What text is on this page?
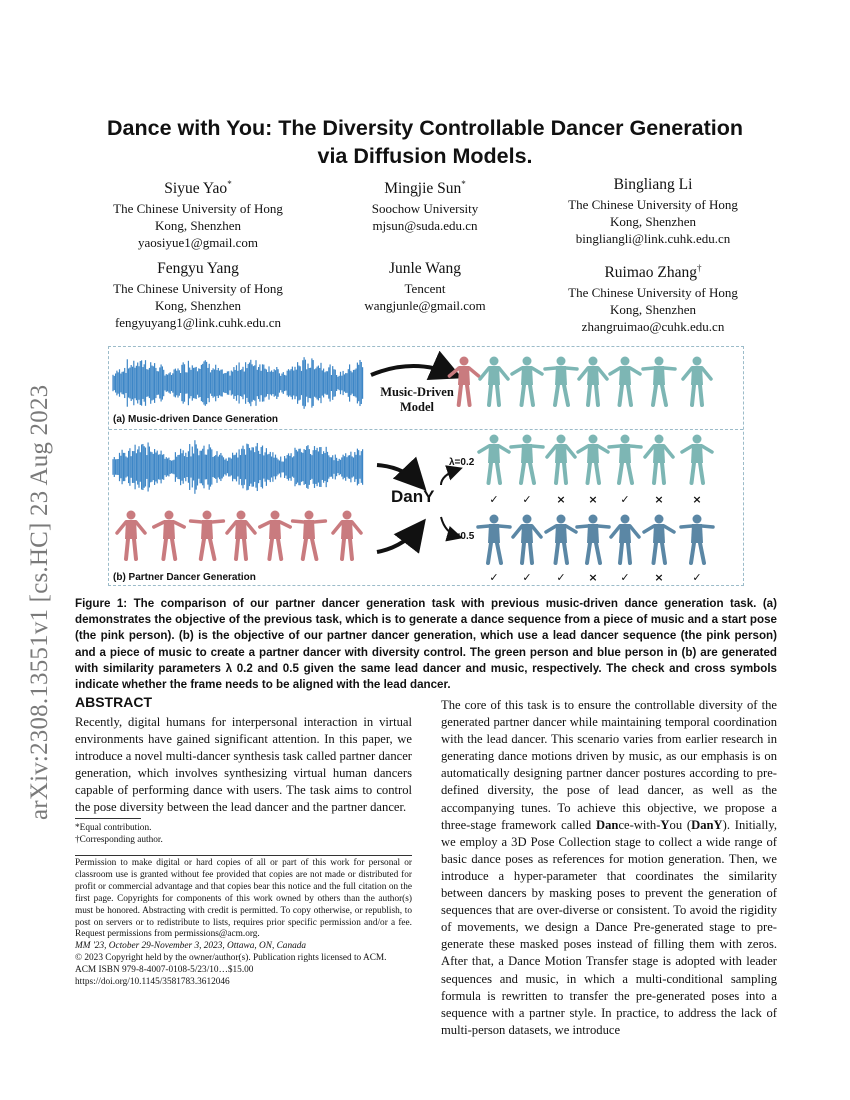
arXiv:2308.13551v1 [cs.HC] 23 Aug 2023
Dance with You: The Diversity Controllable Dancer Generation
via Diffusion Models.
Siyue Yao*
The Chinese University of Hong
Kong, Shenzhen
yaosiyue1@gmail.com
Mingjie Sun*
Soochow University
mjsun@suda.edu.cn
Bingliang Li
The Chinese University of Hong
Kong, Shenzhen
bingliangli@link.cuhk.edu.cn
Fengyu Yang
The Chinese University of Hong
Kong, Shenzhen
fengyuyang1@link.cuhk.edu.cn
Junle Wang
Tencent
wangjunle@gmail.com
Ruimao Zhang†
The Chinese University of Hong
Kong, Shenzhen
zhangruimao@cuhk.edu.cn
Music-Driven
Model
(a) Music-driven Dance Generation
(b) Partner Dancer Generation
DanY
λ=0.2
λ=0.5
✓ ✓ × × ✓ ×	×
✓ ✓ ✓ × ✓ ×	✓
Figure 1: The comparison of our partner dancer generation task with previous music-driven dance generation task. (a) demonstrates the objective of the previous task, which is to generate a dance sequence from a piece of music and a start pose (the pink person). (b) is the objective of our partner dancer generation, which use a lead dancer sequence (the pink person) and a piece of music to create a partner dancer with diversity control. The green person and blue person in (b) are generated with similarity parameters λ 0.2 and 0.5 given the same lead dancer and music, respectively. The check and cross symbols indicate whether the frame needs to be aligned with the lead dancer.
ABSTRACT
Recently, digital humans for interpersonal interaction in virtual environments have gained significant attention. In this paper, we introduce a novel multi-dancer synthesis task called partner dancer generation, which involves synthesizing virtual human dancers capable of performing dance with users. The task aims to control the pose diversity between the lead dancer and the partner dancer.
*Equal contribution.
†Corresponding author.

Permission to make digital or hard copies of all or part of this work for personal or classroom use is granted without fee provided that copies are not made or distributed for profit or commercial advantage and that copies bear this notice and the full citation on the first page. Copyrights for components of this work owned by others than the author(s) must be honored. Abstracting with credit is permitted. To copy otherwise, or republish, to post on servers or to redistribute to lists, requires prior specific permission and/or a fee. Request permissions from permissions@acm.org.

MM '23, October 29-November 3, 2023, Ottawa, ON, Canada

© 2023 Copyright held by the owner/author(s). Publication rights licensed to ACM.

ACM ISBN 979-8-4007-0108-5/23/10…$15.00

https://doi.org/10.1145/3581783.3612046

The core of this task is to ensure the controllable diversity of the generated partner dancer while maintaining temporal coordination with the lead dancer. This scenario varies from earlier research in generating dance motions driven by music, as our emphasis is on automatically designing partner dancer postures according to pre-defined diversity, the pose of lead dancer, as well as the accompanying tunes. To achieve this objective, we propose a three-stage framework called Dance-with-You (DanY). Initially, we employ a 3D Pose Collection stage to collect a wide range of basic dance poses as references for motion generation. Then, we introduce a hyper-parameter that coordinates the similarity between dancers by masking poses to prevent the generation of sequences that are over-diverse or consistent. To avoid the rigidity of movements, we design a Dance Pre-generated stage to pre-generate these masked poses instead of filling them with zeros. After that, a Dance Motion Transfer stage is adopted with leader sequences and music, in which a multi-conditional sampling formula is rewritten to transfer the pre-generated poses into a sequence with a partner style. In practice, to address the lack of multi-person datasets, we introduce
